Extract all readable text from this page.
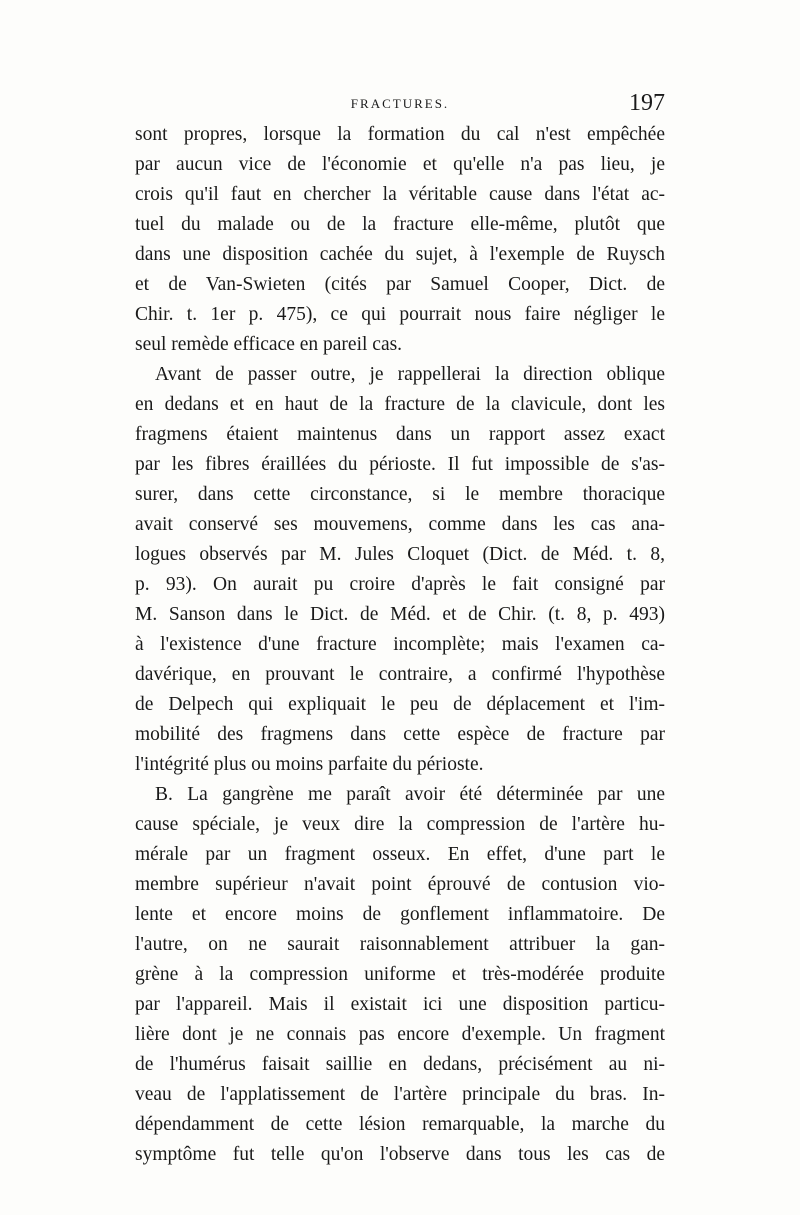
FRACTURES.	197
sont propres, lorsque la formation du cal n'est empêchée
par aucun vice de l'économie et qu'elle n'a pas lieu, je
crois qu'il faut en chercher la véritable cause dans l'état ac-
tuel du malade ou de la fracture elle-même, plutôt que
dans une disposition cachée du sujet, à l'exemple de Ruysch
et de Van-Swieten (cités par Samuel Cooper, Dict. de
Chir. t. 1er p. 475), ce qui pourrait nous faire négliger le
seul remède efficace en pareil cas.
Avant de passer outre, je rappellerai la direction oblique
en dedans et en haut de la fracture de la clavicule, dont les
fragmens étaient maintenus dans un rapport assez exact
par les fibres éraillées du périoste. Il fut impossible de s'as-
surer, dans cette circonstance, si le membre thoracique
avait conservé ses mouvemens, comme dans les cas ana-
logues observés par M. Jules Cloquet (Dict. de Méd. t. 8,
p. 93). On aurait pu croire d'après le fait consigné par
M. Sanson dans le Dict. de Méd. et de Chir. (t. 8, p. 493)
à l'existence d'une fracture incomplète; mais l'examen ca-
davérique, en prouvant le contraire, a confirmé l'hypothèse
de Delpech qui expliquait le peu de déplacement et l'im-
mobilité des fragmens dans cette espèce de fracture par
l'intégrité plus ou moins parfaite du périoste.
B. La gangrène me paraît avoir été déterminée par une
cause spéciale, je veux dire la compression de l'artère hu-
mérale par un fragment osseux. En effet, d'une part le
membre supérieur n'avait point éprouvé de contusion vio-
lente et encore moins de gonflement inflammatoire. De
l'autre, on ne saurait raisonnablement attribuer la gan-
grène à la compression uniforme et très-modérée produite
par l'appareil. Mais il existait ici une disposition particu-
lière dont je ne connais pas encore d'exemple. Un fragment
de l'humérus faisait saillie en dedans, précisément au ni-
veau de l'applatissement de l'artère principale du bras. In-
dépendamment de cette lésion remarquable, la marche du
symptôme fut telle qu'on l'observe dans tous les cas de
